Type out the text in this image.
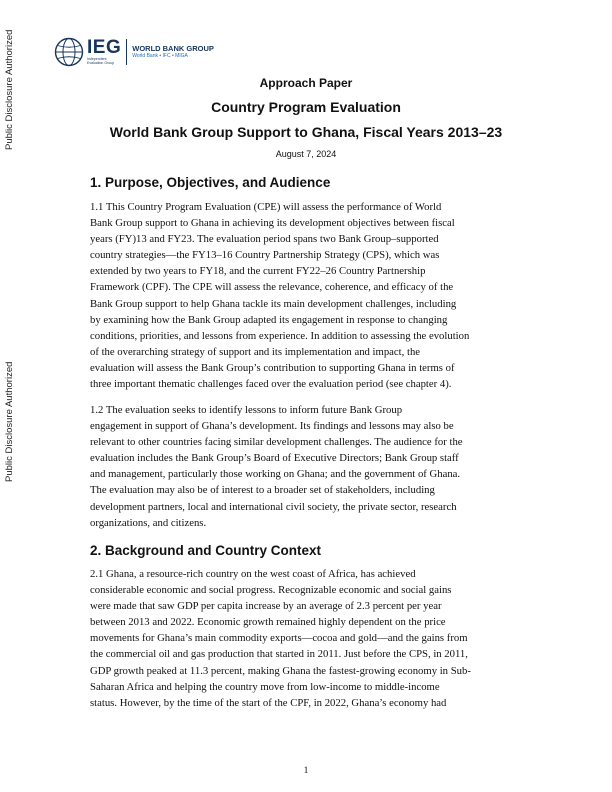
Public Disclosure Authorized
Public Disclosure Authorized
IEG
Independent Evaluation Group
WORLD BANK GROUP
World Bank • IFC • MIGA
Approach Paper
Country Program Evaluation
World Bank Group Support to Ghana, Fiscal Years 2013–23
August 7, 2024
1. Purpose, Objectives, and Audience
1.1 This Country Program Evaluation (CPE) will assess the performance of World
Bank Group support to Ghana in achieving its development objectives between fiscal
years (FY)13 and FY23. The evaluation period spans two Bank Group–supported
country strategies—the FY13–16 Country Partnership Strategy (CPS), which was
extended by two years to FY18, and the current FY22–26 Country Partnership
Framework (CPF). The CPE will assess the relevance, coherence, and efficacy of the
Bank Group support to help Ghana tackle its main development challenges, including
by examining how the Bank Group adapted its engagement in response to changing
conditions, priorities, and lessons from experience. In addition to assessing the evolution
of the overarching strategy of support and its implementation and impact, the
evaluation will assess the Bank Group’s contribution to supporting Ghana in terms of
three important thematic challenges faced over the evaluation period (see chapter 4).
1.2 The evaluation seeks to identify lessons to inform future Bank Group
engagement in support of Ghana’s development. Its findings and lessons may also be
relevant to other countries facing similar development challenges. The audience for the
evaluation includes the Bank Group’s Board of Executive Directors; Bank Group staff
and management, particularly those working on Ghana; and the government of Ghana.
The evaluation may also be of interest to a broader set of stakeholders, including
development partners, local and international civil society, the private sector, research
organizations, and citizens.
2. Background and Country Context
2.1 Ghana, a resource-rich country on the west coast of Africa, has achieved
considerable economic and social progress. Recognizable economic and social gains
were made that saw GDP per capita increase by an average of 2.3 percent per year
between 2013 and 2022. Economic growth remained highly dependent on the price
movements for Ghana’s main commodity exports—cocoa and gold—and the gains from
the commercial oil and gas production that started in 2011. Just before the CPS, in 2011,
GDP growth peaked at 11.3 percent, making Ghana the fastest-growing economy in Sub-
Saharan Africa and helping the country move from low-income to middle-income
status. However, by the time of the start of the CPF, in 2022, Ghana’s economy had
1
